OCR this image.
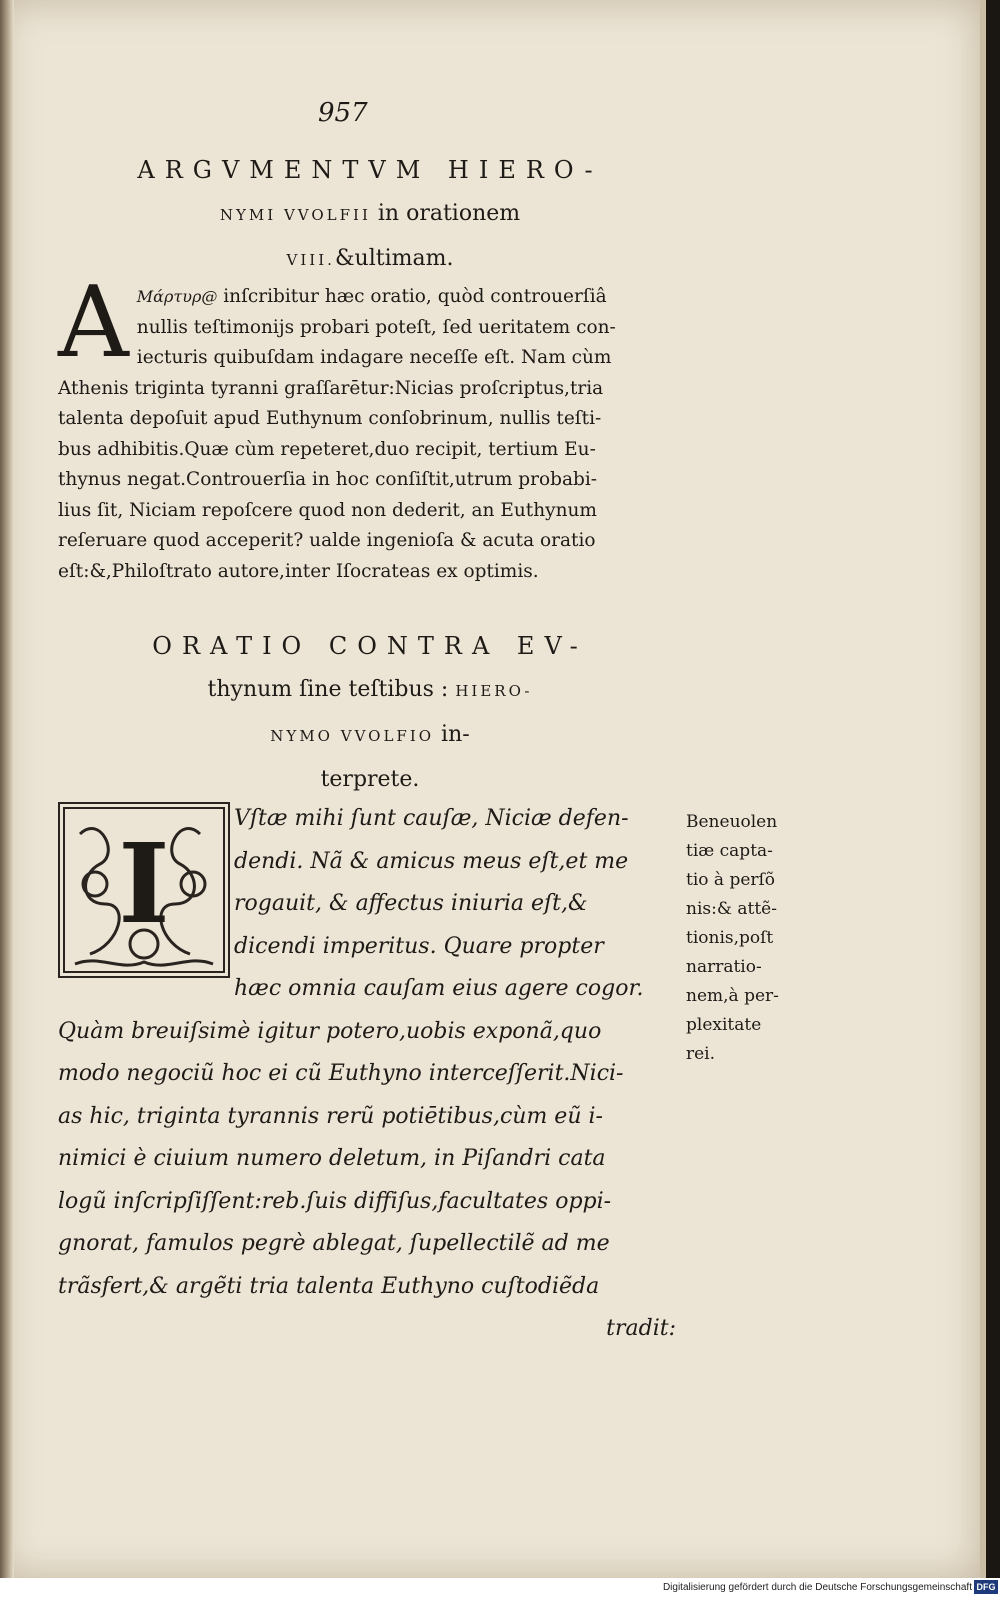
957
ARGVMENTVM HIERO-
NYMI VVOLFII in orationem
VIII.&ultimam.
A Μάρτυρ@ inſcribitur hæc oratio, quòd controuerſiâ
nullis teſtimonijs probari poteſt, ſed ueritatem con-
iecturis quibuſdam indagare neceſſe eſt. Nam cùm
Athenis triginta tyranni graſſarētur:Nicias proſcriptus,tria
talenta depoſuit apud Euthynum conſobrinum, nullis teſti-
bus adhibitis.Quæ cùm repeteret,duo recipit, tertium Eu-
thynus negat.Controuerſia in hoc conſiſtit,utrum probabi-
lius ſit, Niciam repoſcere quod non dederit, an Euthynum
reſeruare quod acceperit? ualde ingenioſa & acuta oratio
eſt:&,Philoſtrato autore,inter Iſocrateas ex optimis.
ORATIO CONTRA EV-
thynum ſine teſtibus : HIERO-
NYMO VVOLFIO in-
terprete.
Vſtæ mihi ſunt cauſæ, Niciæ defen-
dendi. Nã & amicus meus eſt,et me
rogauit, & affectus iniuria eſt,&
dicendi imperitus. Quare propter
hæc omnia cauſam eius agere cogor.
Quàm breuiſsimè igitur potero,uobis exponã,quo
modo negociũ hoc ei cũ Euthyno interceſſerit.Nici-
as hic, triginta tyrannis rerũ potiētibus,cùm eũ i-
nimici è ciuium numero deletum, in Piſandri cata
logũ inſcripſiſſent:reb.ſuis diffiſus,facultates oppi-
gnorat, famulos pegrè ablegat, ſupellectilẽ ad me
trãsfert,& argẽti tria talenta Euthyno cuſtodiẽda
tradit:
I	Beneuolen
tiæ capta-
tio à perſõ
nis:& attẽ-
tionis,poſt
narratio-
nem,à per-
plexitate
rei.
Digitalisierung gefördert durch die Deutsche Forschungsgemeinschaft DFG
